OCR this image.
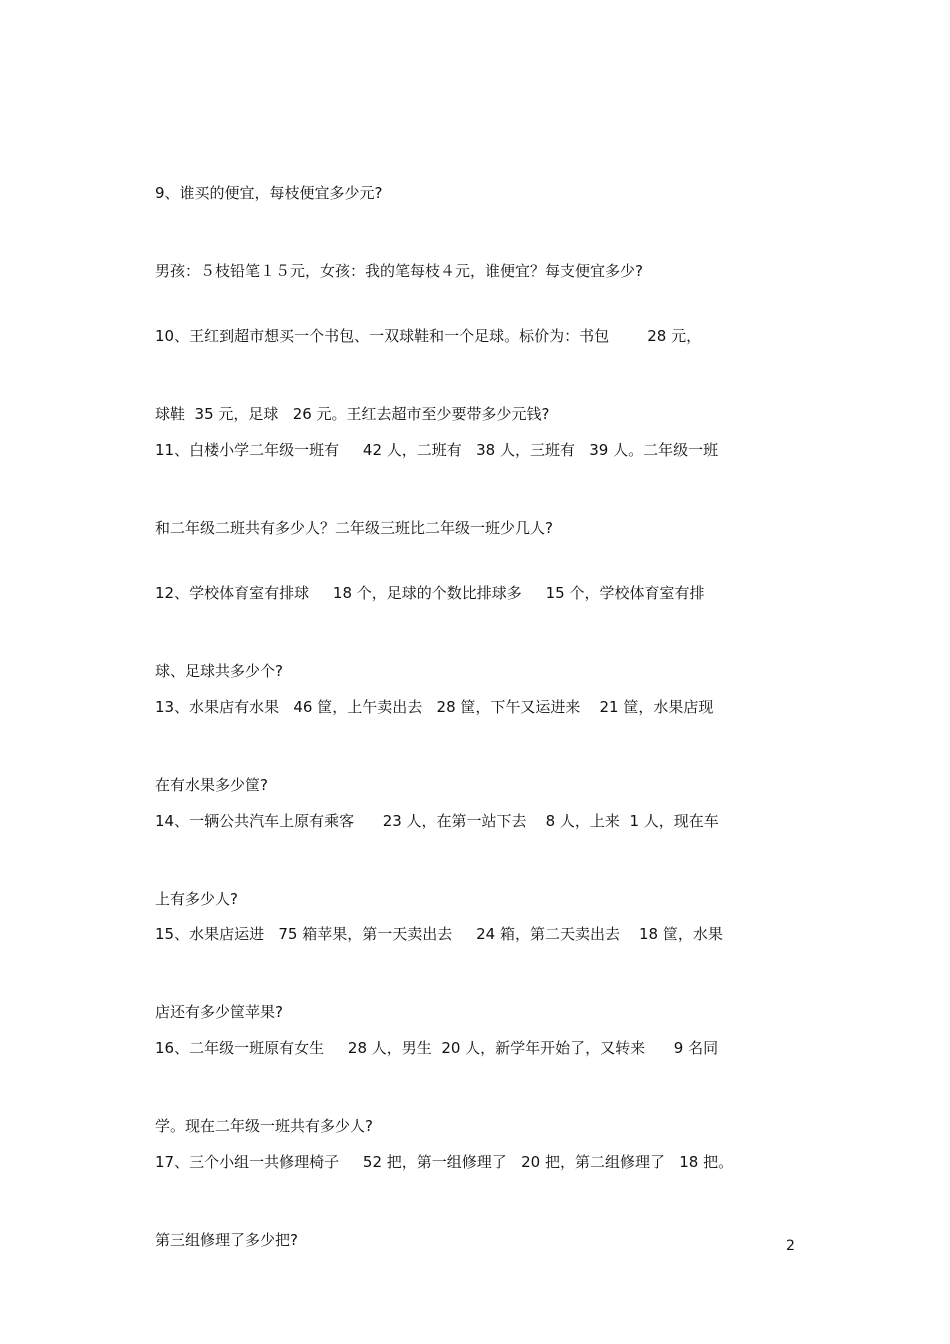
9、谁买的便宜，每枝便宜多少元?

男孩：５枝铅笔１５元，女孩：我的笔每枝４元，谁便宜？每支便宜多少?

10、王红到超市想买一个书包、一双球鞋和一个足球。标价为：书包        28 元，

球鞋  35 元，足球   26 元。王红去超市至少要带多少元钱?

11、白楼小学二年级一班有     42 人，二班有   38 人，三班有   39 人。二年级一班

和二年级二班共有多少人？二年级三班比二年级一班少几人?

12、学校体育室有排球     18 个，足球的个数比排球多     15 个，学校体育室有排

球、足球共多少个?

13、水果店有水果   46 筐，上午卖出去   28 筐，下午又运进来    21 筐，水果店现

在有水果多少筐?

14、一辆公共汽车上原有乘客      23 人，在第一站下去    8 人，上来  1 人，现在车

上有多少人?

15、水果店运进   75 箱苹果，第一天卖出去     24 箱，第二天卖出去    18 筐，水果

店还有多少筐苹果?

16、二年级一班原有女生     28 人，男生  20 人，新学年开始了，又转来      9 名同

学。现在二年级一班共有多少人?

17、三个小组一共修理椅子     52 把，第一组修理了   20 把，第二组修理了   18 把。

第三组修理了多少把?

	2
